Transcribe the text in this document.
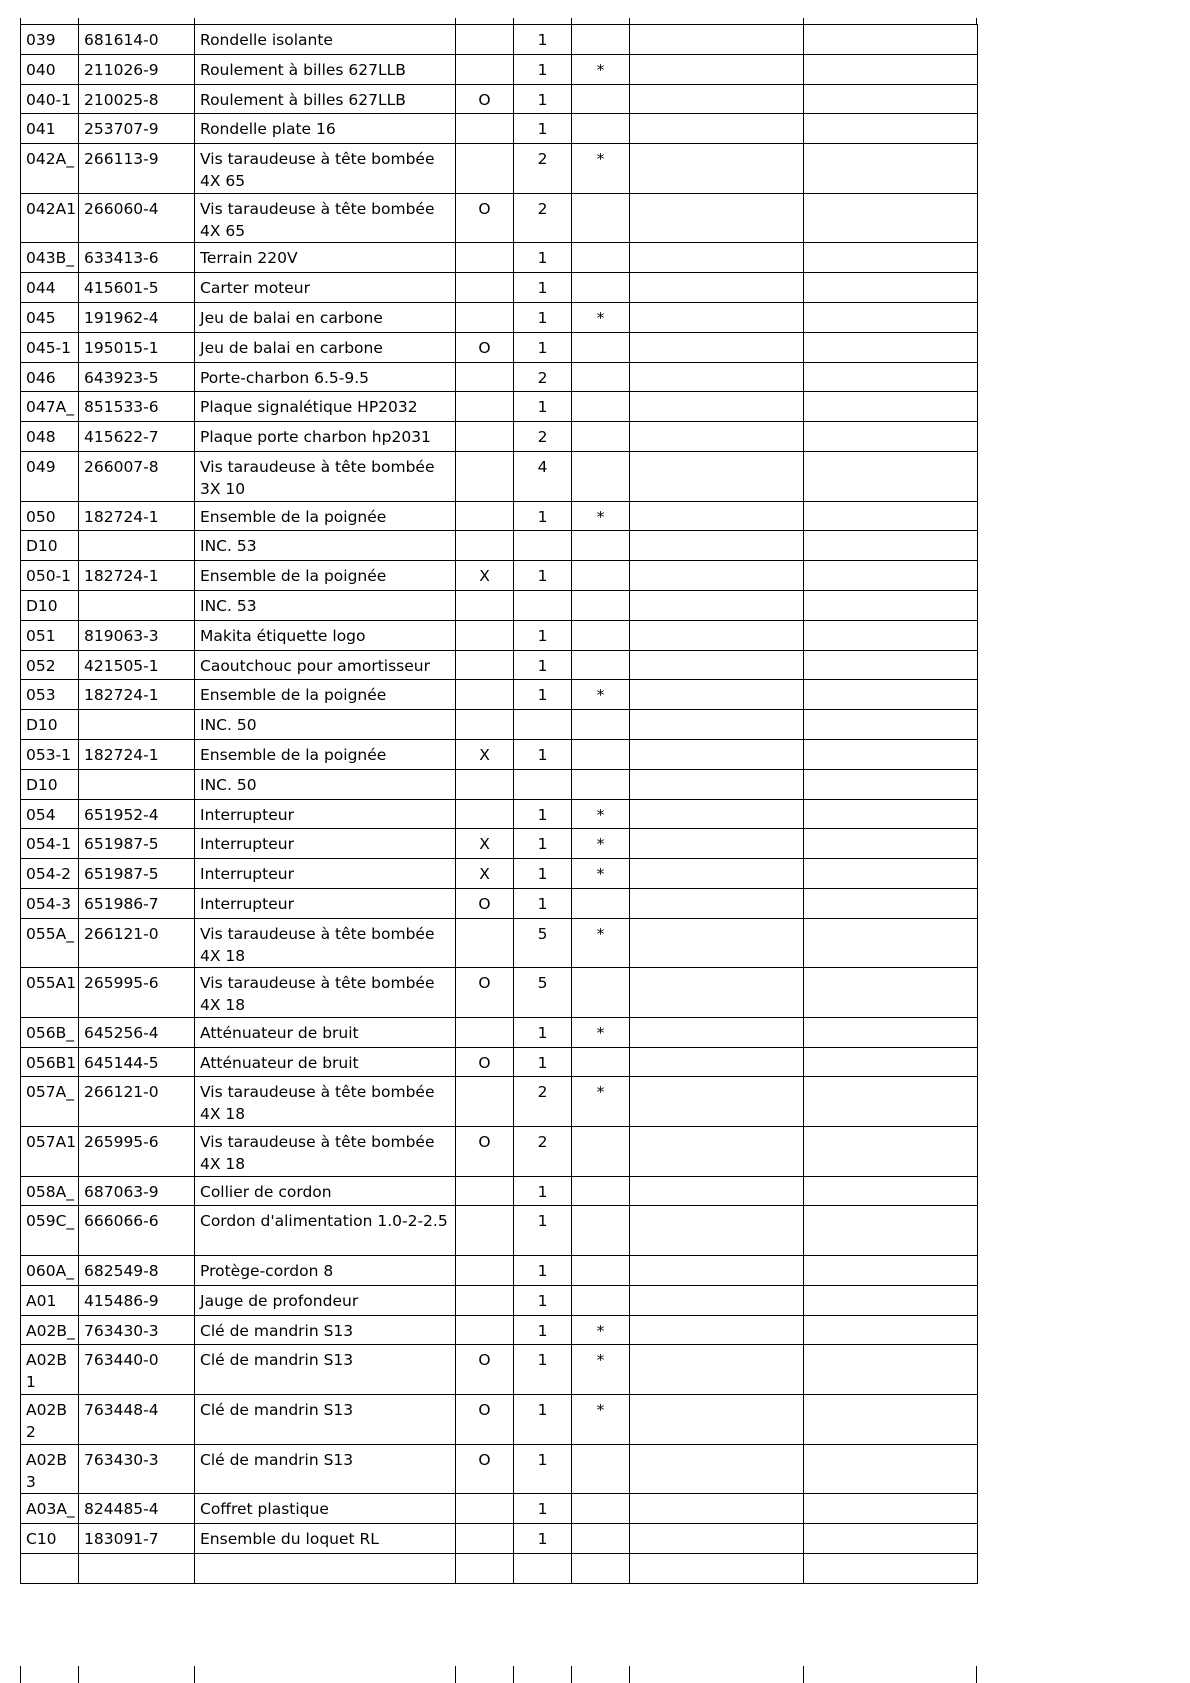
039	681614-0	Rondelle isolante		1			
040	211026-9	Roulement à billes 627LLB		1	*		
040-1	210025-8	Roulement à billes 627LLB	O	1			
041	253707-9	Rondelle plate 16		1			
042A_	266113-9	Vis taraudeuse à tête bombée 4X 65		2	*		
042A1	266060-4	Vis taraudeuse à tête bombée 4X 65	O	2			
043B_	633413-6	Terrain 220V		1			
044	415601-5	Carter moteur		1			
045	191962-4	Jeu de balai en carbone		1	*		
045-1	195015-1	Jeu de balai en carbone	O	1			
046	643923-5	Porte-charbon 6.5-9.5		2			
047A_	851533-6	Plaque signalétique HP2032		1			
048	415622-7	Plaque porte charbon hp2031		2			
049	266007-8	Vis taraudeuse à tête bombée 3X 10		4			
050	182724-1	Ensemble de la poignée		1	*		
D10		INC. 53					
050-1	182724-1	Ensemble de la poignée	X	1			
D10		INC. 53					
051	819063-3	Makita étiquette logo		1			
052	421505-1	Caoutchouc pour amortisseur		1			
053	182724-1	Ensemble de la poignée		1	*		
D10		INC. 50					
053-1	182724-1	Ensemble de la poignée	X	1			
D10		INC. 50					
054	651952-4	Interrupteur		1	*		
054-1	651987-5	Interrupteur	X	1	*		
054-2	651987-5	Interrupteur	X	1	*		
054-3	651986-7	Interrupteur	O	1			
055A_	266121-0	Vis taraudeuse à tête bombée 4X 18		5	*		
055A1	265995-6	Vis taraudeuse à tête bombée 4X 18	O	5			
056B_	645256-4	Atténuateur de bruit		1	*		
056B1	645144-5	Atténuateur de bruit	O	1			
057A_	266121-0	Vis taraudeuse à tête bombée 4X 18		2	*		
057A1	265995-6	Vis taraudeuse à tête bombée 4X 18	O	2			
058A_	687063-9	Collier de cordon		1			
059C_	666066-6	Cordon d'alimentation 1.0-2-2.5		1			
060A_	682549-8	Protège-cordon 8		1			
A01	415486-9	Jauge de profondeur		1			
A02B_	763430-3	Clé de mandrin S13		1	*		
A02B 1	763440-0	Clé de mandrin S13	O	1	*		
A02B 2	763448-4	Clé de mandrin S13	O	1	*		
A02B 3	763430-3	Clé de mandrin S13	O	1			
A03A_	824485-4	Coffret plastique		1			
C10	183091-7	Ensemble du loquet RL		1			
